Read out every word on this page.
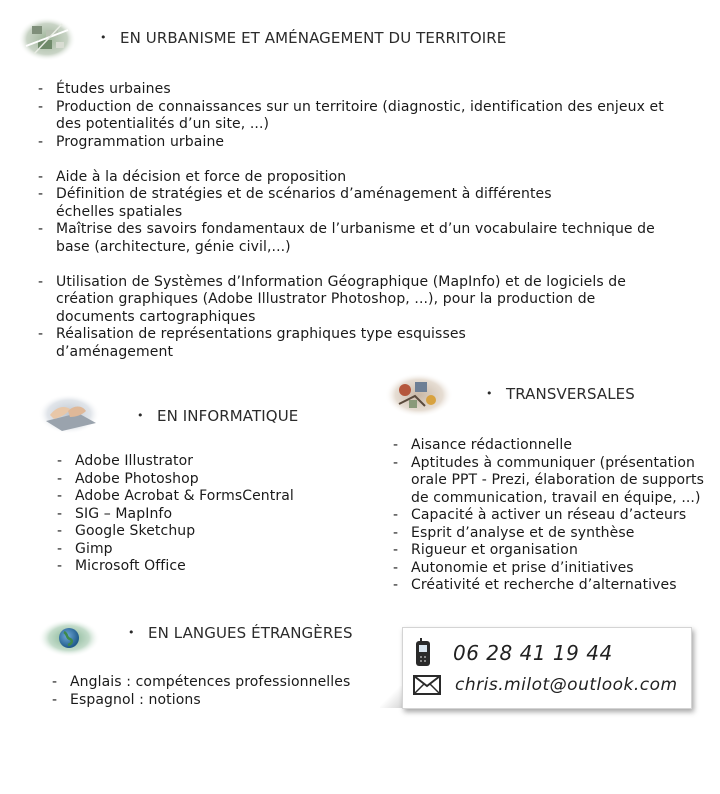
• EN URBANISME ET AMÉNAGEMENT DU TERRITOIRE
- Études urbaines
- Production de connaissances sur un territoire (diagnostic, identification des enjeux et des potentialités d’un site, ...)
- Programmation urbaine
- Aide à la décision et force de proposition
- Définition de stratégies et de scénarios d’aménagement à différentes échelles spatiales
- Maîtrise des savoirs fondamentaux de l’urbanisme et d’un vocabulaire technique de base (architecture, génie civil,...)
- Utilisation de Systèmes d’Information Géographique (MapInfo) et de logiciels de création graphiques (Adobe Illustrator Photoshop, ...), pour la production de documents cartographiques
- Réalisation de représentations graphiques type esquisses d’aménagement
• EN INFORMATIQUE
- Adobe Illustrator
- Adobe Photoshop
- Adobe Acrobat & FormsCentral
- SIG – MapInfo
- Google Sketchup
- Gimp
- Microsoft Office
• TRANSVERSALES
- Aisance rédactionnelle
- Aptitudes à communiquer (présentation orale PPT - Prezi, élaboration de supports de communication, travail en équipe, ...)
- Capacité à activer un réseau d’acteurs
- Esprit d’analyse et de synthèse
- Rigueur et organisation
- Autonomie et prise d’initiatives
- Créativité et recherche d’alternatives
• EN LANGUES ÉTRANGÈRES
- Anglais : compétences professionnelles
- Espagnol : notions
06 28 41 19 44
chris.milot@outlook.com
